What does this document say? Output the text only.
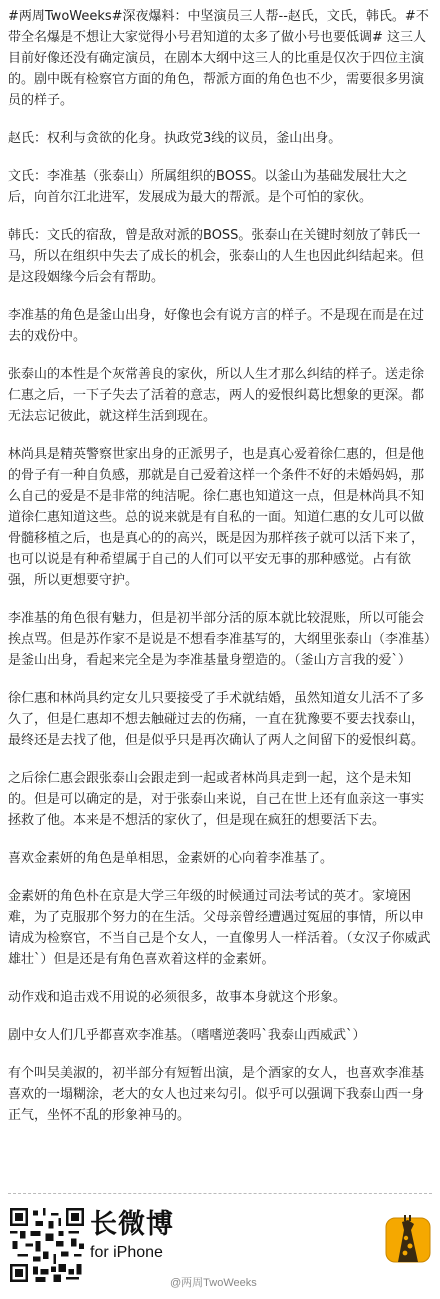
#两周TwoWeeks#深夜爆料：中坚演员三人帮--赵氏，文氏，韩氏。#不带全名爆是不想让大家觉得小号君知道的太多了做小号也要低调# 这三人目前好像还没有确定演员，在剧本大纲中这三人的比重是仅次于四位主演的。剧中既有检察官方面的角色，帮派方面的角色也不少，需要很多男演员的样子。

赵氏：权利与贪欲的化身。执政党3线的议员，釜山出身。

文氏：李准基（张泰山）所属组织的BOSS。以釜山为基础发展壮大之后，向首尔江北进军，发展成为最大的帮派。是个可怕的家伙。

韩氏：文氏的宿敌，曾是敌对派的BOSS。张泰山在关键时刻放了韩氏一马，所以在组织中失去了成长的机会，张泰山的人生也因此纠结起来。但是这段姻缘今后会有帮助。

李准基的角色是釜山出身，好像也会有说方言的样子。不是现在而是在过去的戏份中。

张泰山的本性是个灰常善良的家伙，所以人生才那么纠结的样子。送走徐仁惠之后，一下子失去了活着的意志，两人的爱恨纠葛比想象的更深。都无法忘记彼此，就这样生活到现在。

林尚具是精英警察世家出身的正派男子，也是真心爱着徐仁惠的，但是他的骨子有一种自负感，那就是自己爱着这样一个条件不好的未婚妈妈，那么自己的爱是不是非常的纯洁呢。徐仁惠也知道这一点，但是林尚具不知道徐仁惠知道这些。总的说来就是有自私的一面。知道仁惠的女儿可以做骨髓移植之后，也是真心的的高兴，既是因为那样孩子就可以活下来了，也可以说是有种希望属于自己的人们可以平安无事的那种感觉。占有欲强，所以更想要守护。

李准基的角色很有魅力，但是初半部分活的原本就比较混账，所以可能会挨点骂。但是苏作家不是说是不想看李准基写的，大纲里张泰山（李准基）是釜山出身，看起来完全是为李准基量身塑造的。（釜山方言我的爱`）

徐仁惠和林尚具约定女儿只要接受了手术就结婚，虽然知道女儿活不了多久了，但是仁惠却不想去触碰过去的伤痛，一直在犹豫要不要去找泰山，最终还是去找了他，但是似乎只是再次确认了两人之间留下的爱恨纠葛。

之后徐仁惠会跟张泰山会跟走到一起或者林尚具走到一起，这个是未知的。但是可以确定的是，对于张泰山来说，自己在世上还有血亲这一事实拯救了他。本来是不想活的家伙了，但是现在疯狂的想要活下去。

喜欢金素妍的角色是单相思，金素妍的心向着李准基了。

金素妍的角色朴在京是大学三年级的时候通过司法考试的英才。家境困难，为了克服那个努力的在生活。父母亲曾经遭遇过冤屈的事情，所以申请成为检察官，不当自己是个女人，一直像男人一样活着。（女汉子你威武雄壮`）但是还是有角色喜欢着这样的金素妍。

动作戏和追击戏不用说的必须很多，故事本身就这个形象。

剧中女人们几乎都喜欢李准基。（嗜嗜逆袭吗`我泰山西威武`）

有个叫吴美淑的，初半部分有短暂出演，是个酒家的女人，也喜欢李准基喜欢的一塌糊涂，老大的女人也过来勾引。似乎可以强调下我泰山西一身正气，坐怀不乱的形象神马的。

长微博
for iPhone
@两周TwoWeeks
